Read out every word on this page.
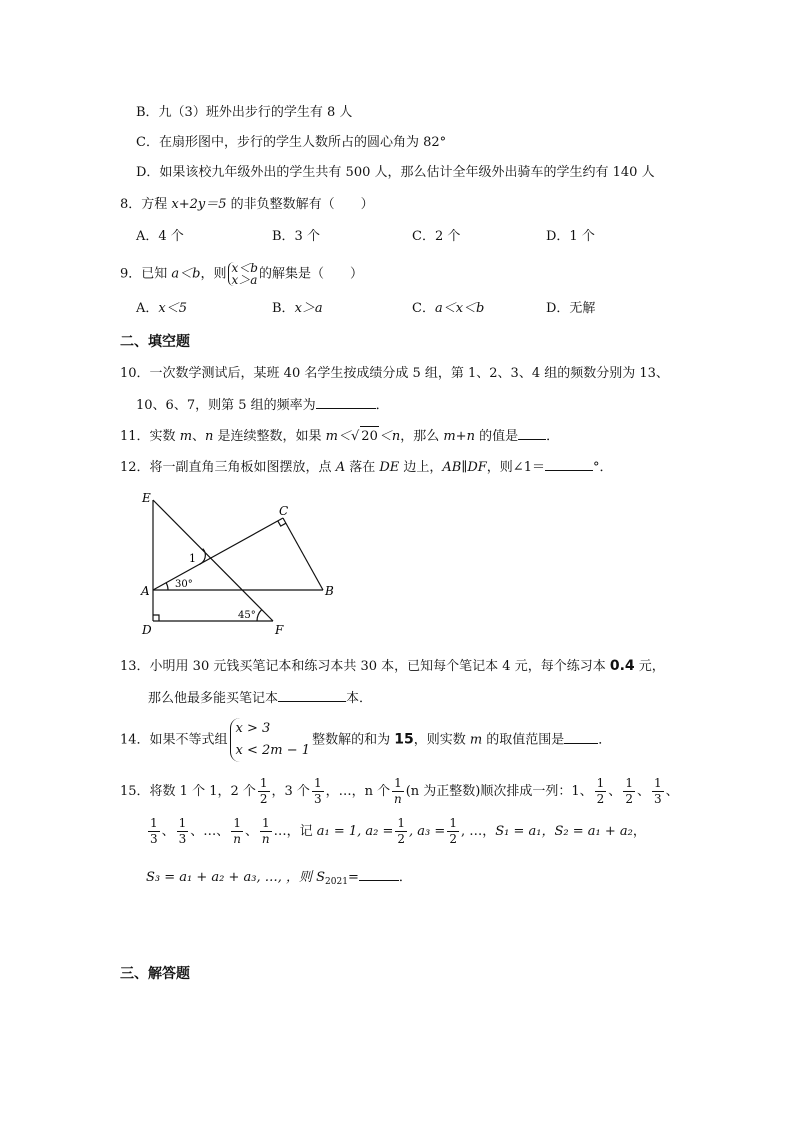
B．九（3）班外出步行的学生有 8 人
C．在扇形图中，步行的学生人数所占的圆心角为 82°
D．如果该校九年级外出的学生共有 500 人，那么估计全年级外出骑车的学生约有 140 人
8．方程 x+2y＝5 的非负整数解有（　　）
A．4 个	B．3 个	C．2 个	D．1 个
9．已知 a＜b，则 x＜b
x＞a 的解集是（　　）
A．x＜5	B．x＞a	C．a＜x＜b	D．无解
二、填空题
10．一次数学测试后，某班 40 名学生按成绩分成 5 组，第 1、2、3、4 组的频数分别为 13、
10、6、7，则第 5 组的频率为	．
11．实数 m、n 是连续整数，如果 m＜√ 20＜n，那么 m+n 的值是 ．
12．将一副直角三角板如图摆放，点 A 落在 DE 边上，AB∥DF，则∠1＝	°．
E
C
A	B
D	F
1
30°
45°
13．小明用 30 元钱买笔记本和练习本共 30 本，已知每个笔记本 4 元，每个练习本 0.4 元，
那么他最多能买笔记本	本．
14．如果不等式组
x > 3
x < 2m − 1
整数解的和为 15，则实数 m 的取值范围是	．
15．将数 1 个 1，2 个 $\frac{1}{2}$ ，3 个 $\frac{1}{3}$ ，…，n 个 $\frac{1}{n} (n$ 为正整数)顺次排成一列：1、 $\frac{1}{2}$ 、 $\frac{1}{2}$ 、 $\frac{1}{3}$ 、
$\frac{1}{3}$ 、 $\frac{1}{3}$ 、…、 $\frac{1}{n}$ 、 $\frac{1}{n}$ …，记 a₁ = 1, $a_2 = \frac{1}{2}$ , $a_3 = \frac{1}{2}$ , …，S₁ = a₁，S₂ = a₁ + a₂，
S₃ = a₁ + a₂ + a₃, …, ，则 $S_{2021}=$	．
三、解答题
